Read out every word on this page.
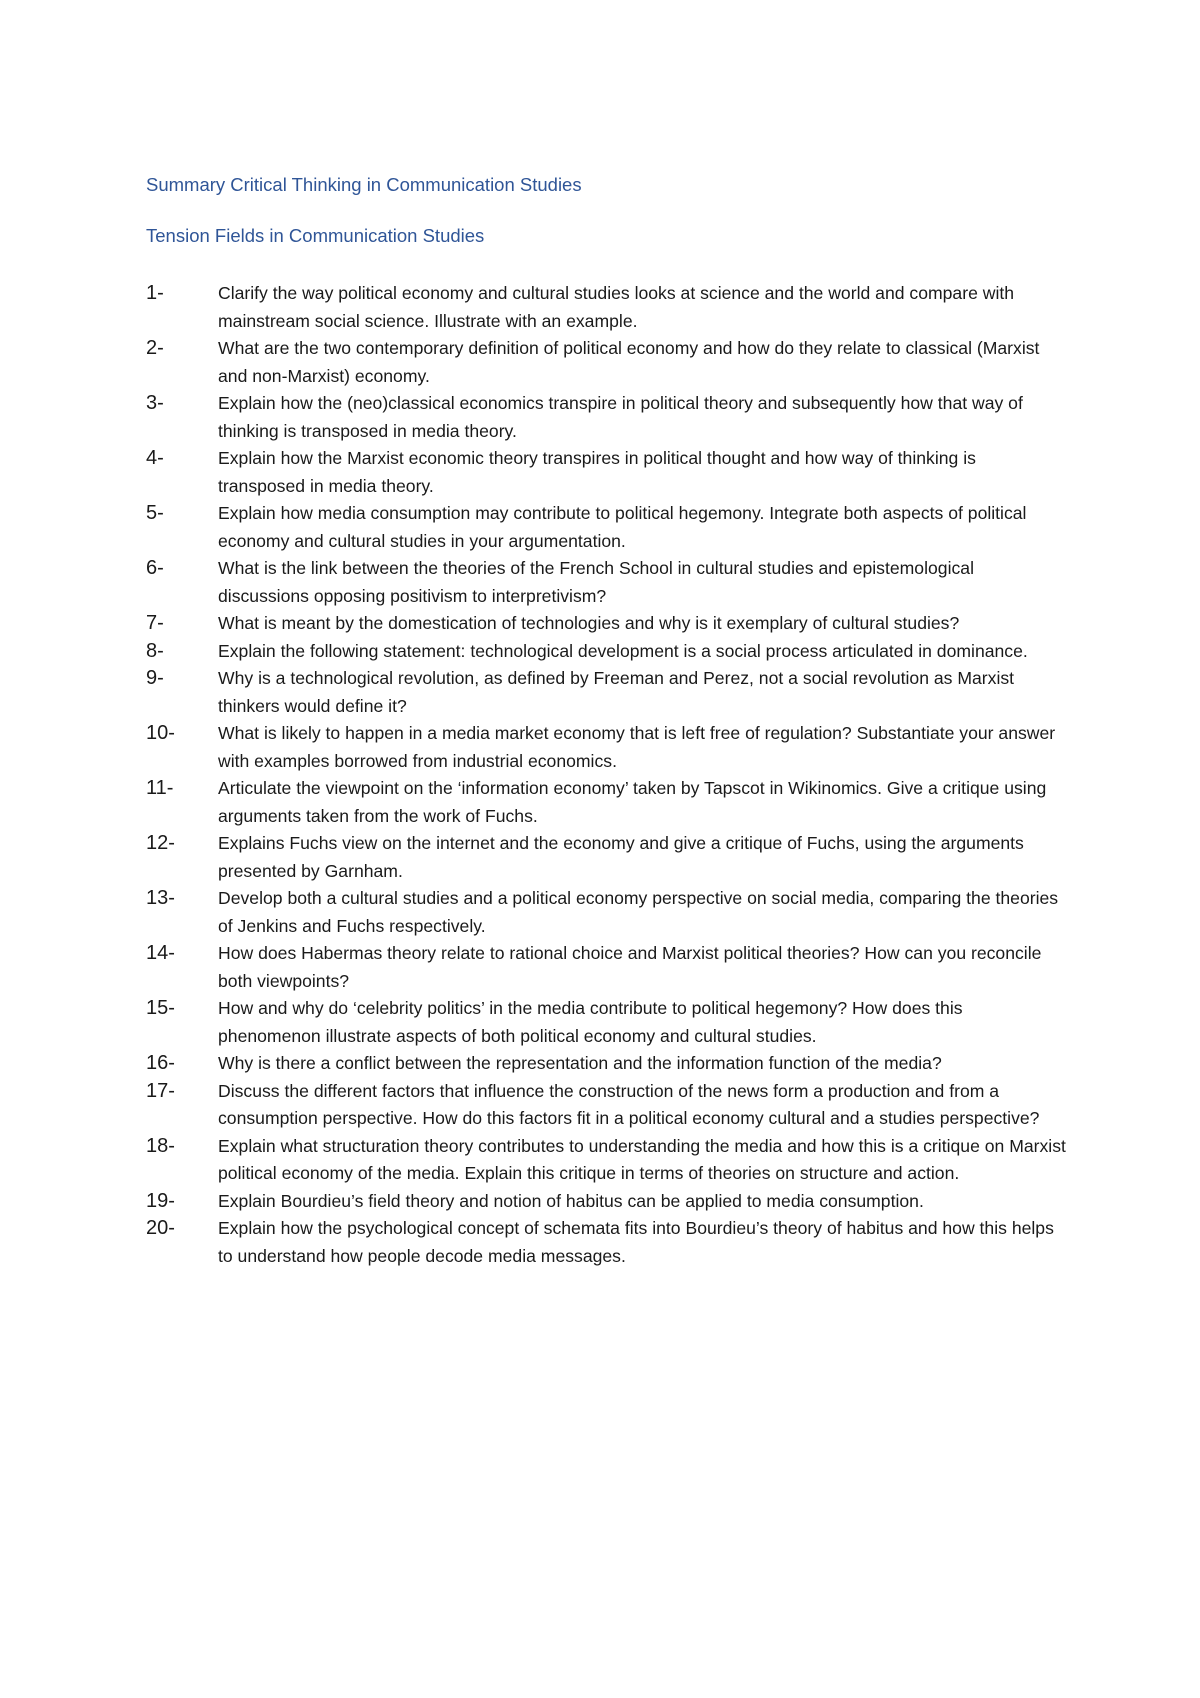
Summary Critical Thinking in Communication Studies
Tension Fields in Communication Studies
1-	Clarify the way political economy and cultural studies looks at science and the world and compare with mainstream social science. Illustrate with an example.
2-	What are the two contemporary definition of political economy and how do they relate to classical (Marxist and non-Marxist) economy.
3-	Explain how the (neo)classical economics transpire in political theory and subsequently how that way of thinking is transposed in media theory.
4-	Explain how the Marxist economic theory transpires in political thought and how way of thinking is transposed in media theory.
5-	Explain how media consumption may contribute to political hegemony. Integrate both aspects of political economy and cultural studies in your argumentation.
6-	What is the link between the theories of the French School in cultural studies and epistemological discussions opposing positivism to interpretivism?
7-	What is meant by the domestication of technologies and why is it exemplary of cultural studies?
8-	Explain the following statement: technological development is a social process articulated in dominance.
9-	Why is a technological revolution, as defined by Freeman and Perez, not a social revolution as Marxist thinkers would define it?
10-	What is likely to happen in a media market economy that is left free of regulation? Substantiate your answer with examples borrowed from industrial economics.
11-	Articulate the viewpoint on the ‘information economy’ taken by Tapscot in Wikinomics. Give a critique using arguments taken from the work of Fuchs.
12-	Explains Fuchs view on the internet and the economy and give a critique of Fuchs, using the arguments presented by Garnham.
13-	Develop both a cultural studies and a political economy perspective on social media, comparing the theories of Jenkins and Fuchs respectively.
14-	How does Habermas theory relate to rational choice and Marxist political theories? How can you reconcile both viewpoints?
15-	How and why do ‘celebrity politics’ in the media contribute to political hegemony? How does this phenomenon illustrate aspects of both political economy and cultural studies.
16-	Why is there a conflict between the representation and the information function of the media?
17-	Discuss the different factors that influence the construction of the news form a production and from a consumption perspective. How do this factors fit in a political economy cultural and a studies perspective?
18-	Explain what structuration theory contributes to understanding the media and how this is a critique on Marxist political economy of the media. Explain this critique in terms of theories on structure and action.
19-	Explain Bourdieu’s field theory and notion of habitus can be applied to media consumption.
20-	Explain how the psychological concept of schemata fits into Bourdieu’s theory of habitus and how this helps to understand how people decode media messages.
